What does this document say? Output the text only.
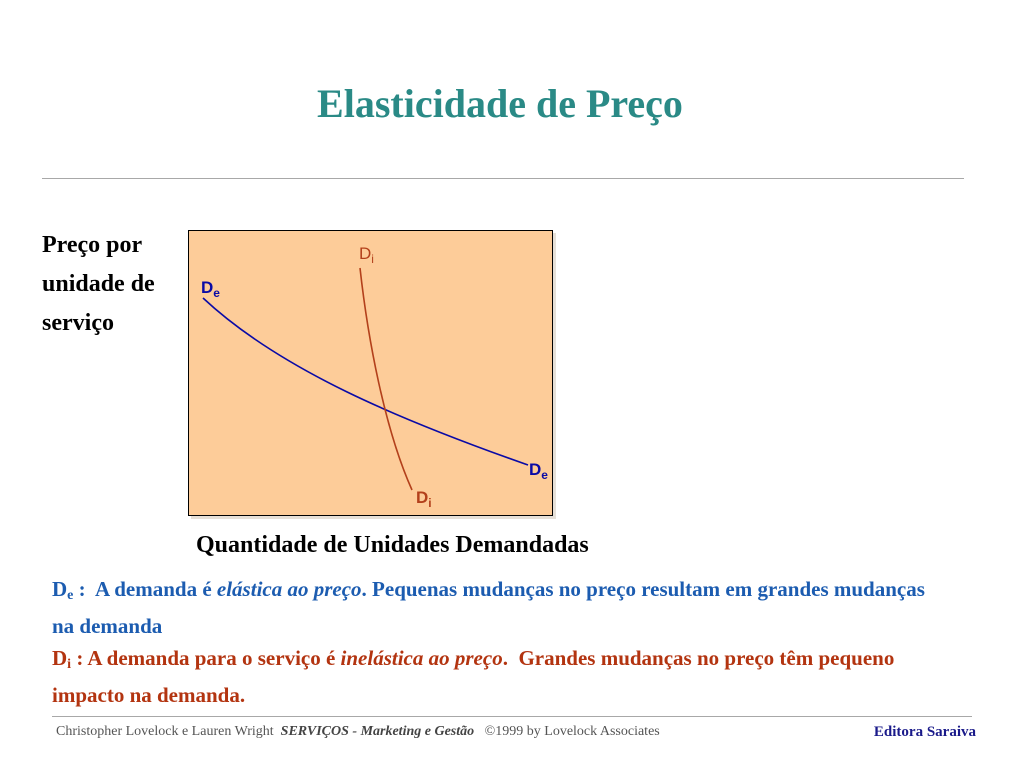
Elasticidade de Preço
Preço por
unidade de
serviço
$D_i$
$D_e$
$D_e$
$D_i$
Quantidade de Unidades Demandadas
$D_e$ :  A demanda é elástica ao preço. Pequenas mudanças no preço resultam em grandes mudanças na demanda
$D_i$ : A demanda para o serviço é inelástica ao preço.  Grandes mudanças no preço têm pequeno impacto na demanda.
Christopher Lovelock e Lauren Wright SERVIÇOS - Marketing e Gestão ©1999 by Lovelock Associates	Editora Saraiva
